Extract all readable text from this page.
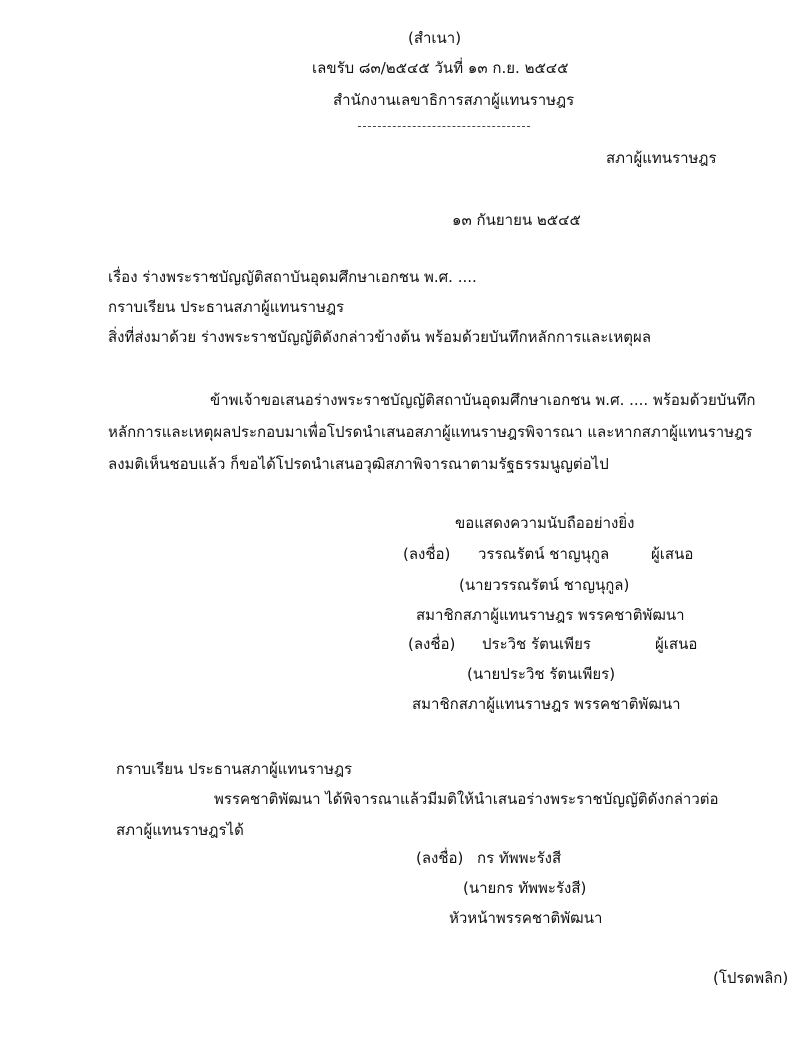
(สำเนา)
เลขรับ ๘๓/๒๕๔๕ วันที่ ๑๓ ก.ย. ๒๕๔๕
สำนักงานเลขาธิการสภาผู้แทนราษฎร
สภาผู้แทนราษฎร
๑๓ กันยายน ๒๕๔๕
เรื่อง ร่างพระราชบัญญัติสถาบันอุดมศึกษาเอกชน พ.ศ. ....
กราบเรียน ประธานสภาผู้แทนราษฎร
สิ่งที่ส่งมาด้วย ร่างพระราชบัญญัติดังกล่าวข้างต้น พร้อมด้วยบันทึกหลักการและเหตุผล
ข้าพเจ้าขอเสนอร่างพระราชบัญญัติสถาบันอุดมศึกษาเอกชน พ.ศ. .... พร้อมด้วยบันทึก
หลักการและเหตุผลประกอบมาเพื่อโปรดนำเสนอสภาผู้แทนราษฎรพิจารณา และหากสภาผู้แทนราษฎร
ลงมติเห็นชอบแล้ว ก็ขอได้โปรดนำเสนอวุฒิสภาพิจารณาตามรัฐธรรมนูญต่อไป
ขอแสดงความนับถืออย่างยิ่ง
(ลงชื่อ) วรรณรัตน์ ชาญนุกูล	ผู้เสนอ
(นายวรรณรัตน์ ชาญนุกูล)
สมาชิกสภาผู้แทนราษฎร พรรคชาติพัฒนา
(ลงชื่อ) ประวิช รัตนเพียร	ผู้เสนอ
(นายประวิช รัตนเพียร)
สมาชิกสภาผู้แทนราษฎร พรรคชาติพัฒนา
กราบเรียน ประธานสภาผู้แทนราษฎร
พรรคชาติพัฒนา ได้พิจารณาแล้วมีมติให้นำเสนอร่างพระราชบัญญัติดังกล่าวต่อ
สภาผู้แทนราษฎรได้
(ลงชื่อ) กร ทัพพะรังสี
(นายกร ทัพพะรังสี)
หัวหน้าพรรคชาติพัฒนา
(โปรดพลิก)
